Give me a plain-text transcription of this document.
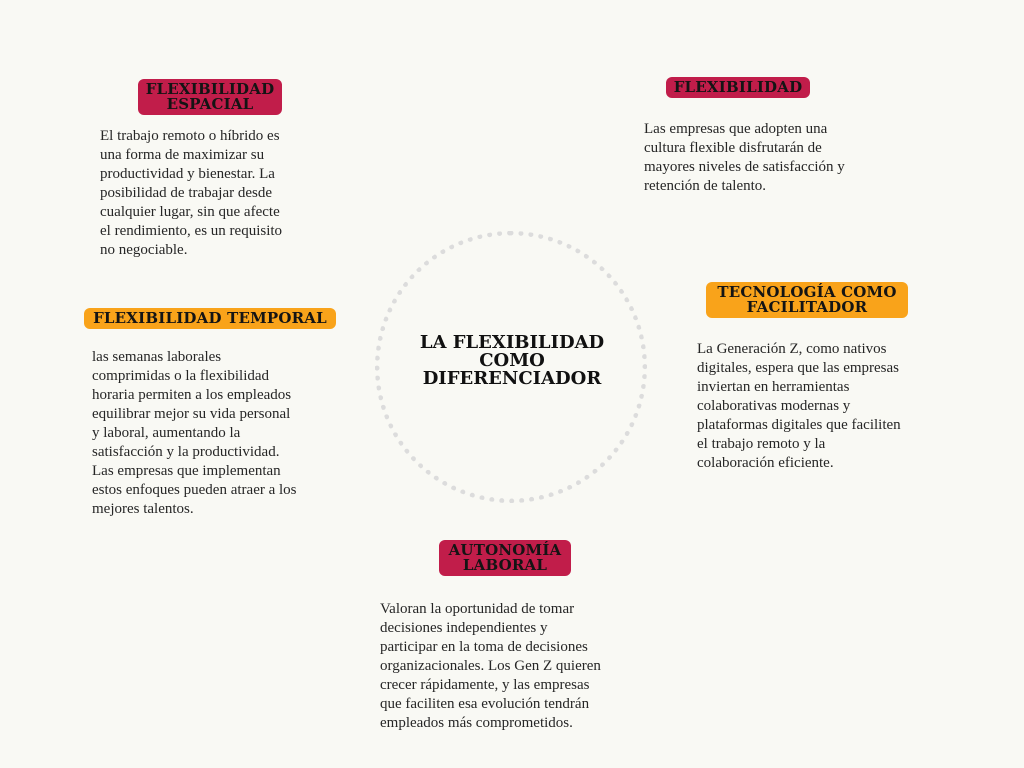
LA FLEXIBILIDAD COMO DIFERENCIADOR
FLEXIBILIDAD ESPACIAL
El trabajo remoto o híbrido es
una forma de maximizar su
productividad y bienestar. La
posibilidad de trabajar desde
cualquier lugar, sin que afecte
el rendimiento, es un requisito
no negociable.
FLEXIBILIDAD
Las empresas que adopten una
cultura flexible disfrutarán de
mayores niveles de satisfacción y
retención de talento.
FLEXIBILIDAD TEMPORAL
las semanas laborales
comprimidas o la flexibilidad
horaria permiten a los empleados
equilibrar mejor su vida personal
y laboral, aumentando la
satisfacción y la productividad.
Las empresas que implementan
estos enfoques pueden atraer a los
mejores talentos.
TECNOLOGÍA COMO FACILITADOR
La Generación Z, como nativos
digitales, espera que las empresas
inviertan en herramientas
colaborativas modernas y
plataformas digitales que faciliten
el trabajo remoto y la
colaboración eficiente.
AUTONOMÍA LABORAL
Valoran la oportunidad de tomar
decisiones independientes y
participar en la toma de decisiones
organizacionales. Los Gen Z quieren
crecer rápidamente, y las empresas
que faciliten esa evolución tendrán
empleados más comprometidos.
